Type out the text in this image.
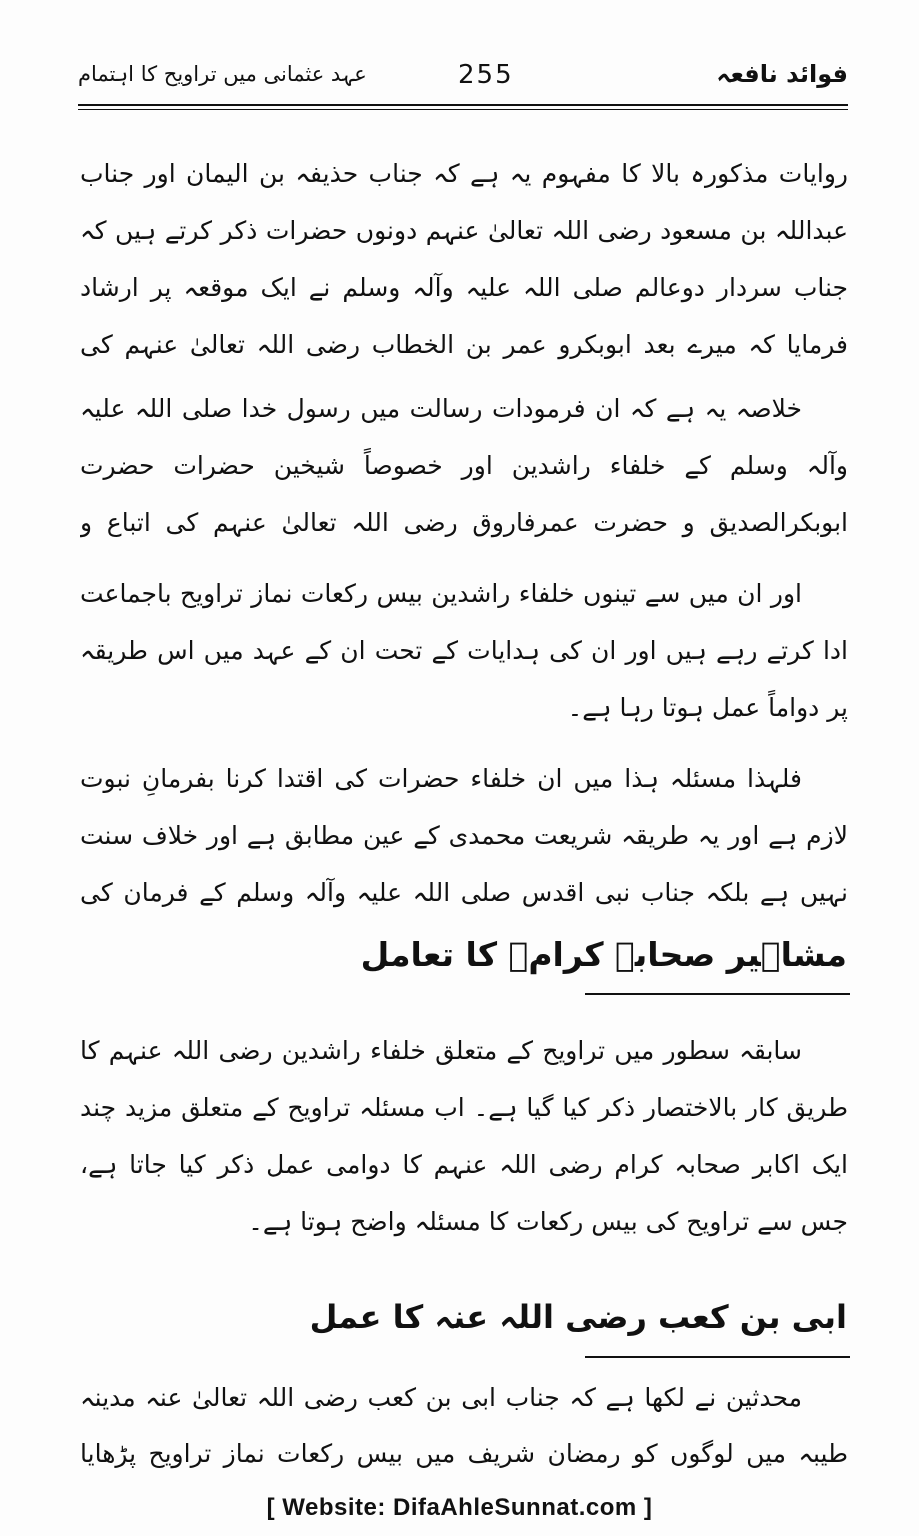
فوائد نافعہ
255
عہد عثمانی میں تراویح کا اہتمام

روایات مذکورہ بالا کا مفہوم یہ ہے کہ جناب حذیفہ بن الیمان اور جناب عبداللہ بن مسعود رضی اللہ تعالیٰ عنہم دونوں حضرات ذکر کرتے ہیں کہ جناب سردار دوعالم صلی اللہ علیہ وآلہ وسلم نے ایک موقعہ پر ارشاد فرمایا کہ میرے بعد ابوبکرو عمر بن الخطاب رضی اللہ تعالیٰ عنہم کی

خلاصہ یہ ہے کہ ان فرمودات رسالت میں رسول خدا صلی اللہ علیہ وآلہ وسلم کے خلفاء راشدین اور خصوصاً شیخین حضرات حضرت ابوبکرالصدیق و حضرت عمرفاروق رضی اللہ تعالیٰ عنہم کی اتباع و

اور ان میں سے تینوں خلفاء راشدین بیس رکعات نماز تراویح باجماعت ادا کرتے رہے ہیں اور ان کی ہدایات کے تحت ان کے عہد میں اس طریقہ پر دواماً عمل ہوتا رہا ہے۔

فلہذا مسئلہ ہذا میں ان خلفاء حضرات کی اقتدا کرنا بفرمانِ نبوت لازم ہے اور یہ طریقہ شریعت محمدی کے عین مطابق ہے اور خلاف سنت نہیں ہے بلکہ جناب نبی اقدس صلی اللہ علیہ وآلہ وسلم کے فرمان کی

مشاہیر صحابہ کرامؓ کا تعامل

سابقہ سطور میں تراویح کے متعلق خلفاء راشدین رضی اللہ عنہم کا طریق کار بالاختصار ذکر کیا گیا ہے۔ اب مسئلہ تراویح کے متعلق مزید چند ایک اکابر صحابہ کرام رضی اللہ عنہم کا دوامی عمل ذکر کیا جاتا ہے، جس سے تراویح کی بیس رکعات کا مسئلہ واضح ہوتا ہے۔

ابی بن کعب رضی اللہ عنہ کا عمل

محدثین نے لکھا ہے کہ جناب ابی بن کعب رضی اللہ تعالیٰ عنہ مدینہ طیبہ میں لوگوں کو رمضان شریف میں بیس رکعات نماز تراویح پڑھایا

[ Website: DifaAhleSunnat.com ]
